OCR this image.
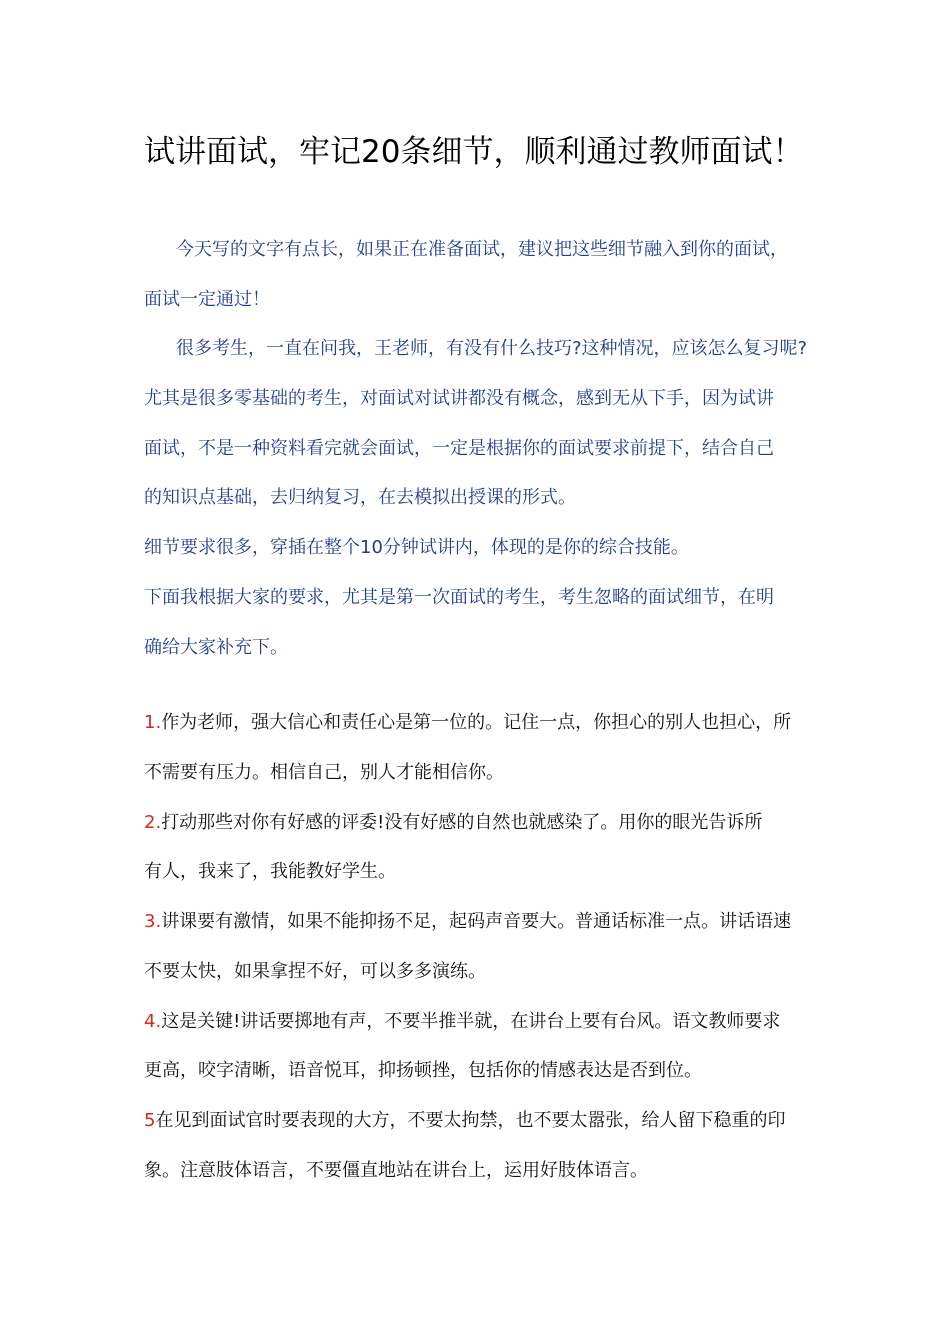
试讲面试，牢记20条细节，顺利通过教师面试！
今天写的文字有点长，如果正在准备面试，建议把这些细节融入到你的面试，
面试一定通过！
很多考生，一直在问我，王老师，有没有什么技巧?这种情况，应该怎么复习呢?
尤其是很多零基础的考生，对面试对试讲都没有概念，感到无从下手，因为试讲
面试，不是一种资料看完就会面试，一定是根据你的面试要求前提下，结合自己
的知识点基础，去归纳复习，在去模拟出授课的形式。
细节要求很多，穿插在整个10分钟试讲内，体现的是你的综合技能。
下面我根据大家的要求，尤其是第一次面试的考生，考生忽略的面试细节，在明
确给大家补充下。
1.作为老师，强大信心和责任心是第一位的。记住一点，你担心的别人也担心，所
不需要有压力。相信自己，别人才能相信你。
2.打动那些对你有好感的评委!没有好感的自然也就感染了。用你的眼光告诉所
有人，我来了，我能教好学生。
3.讲课要有激情，如果不能抑扬不足，起码声音要大。普通话标准一点。讲话语速
不要太快，如果拿捏不好，可以多多演练。
4.这是关键!讲话要掷地有声，不要半推半就，在讲台上要有台风。语文教师要求
更高，咬字清晰，语音悦耳，抑扬顿挫，包括你的情感表达是否到位。
5在见到面试官时要表现的大方，不要太拘禁，也不要太嚣张，给人留下稳重的印
象。注意肢体语言，不要僵直地站在讲台上，运用好肢体语言。
